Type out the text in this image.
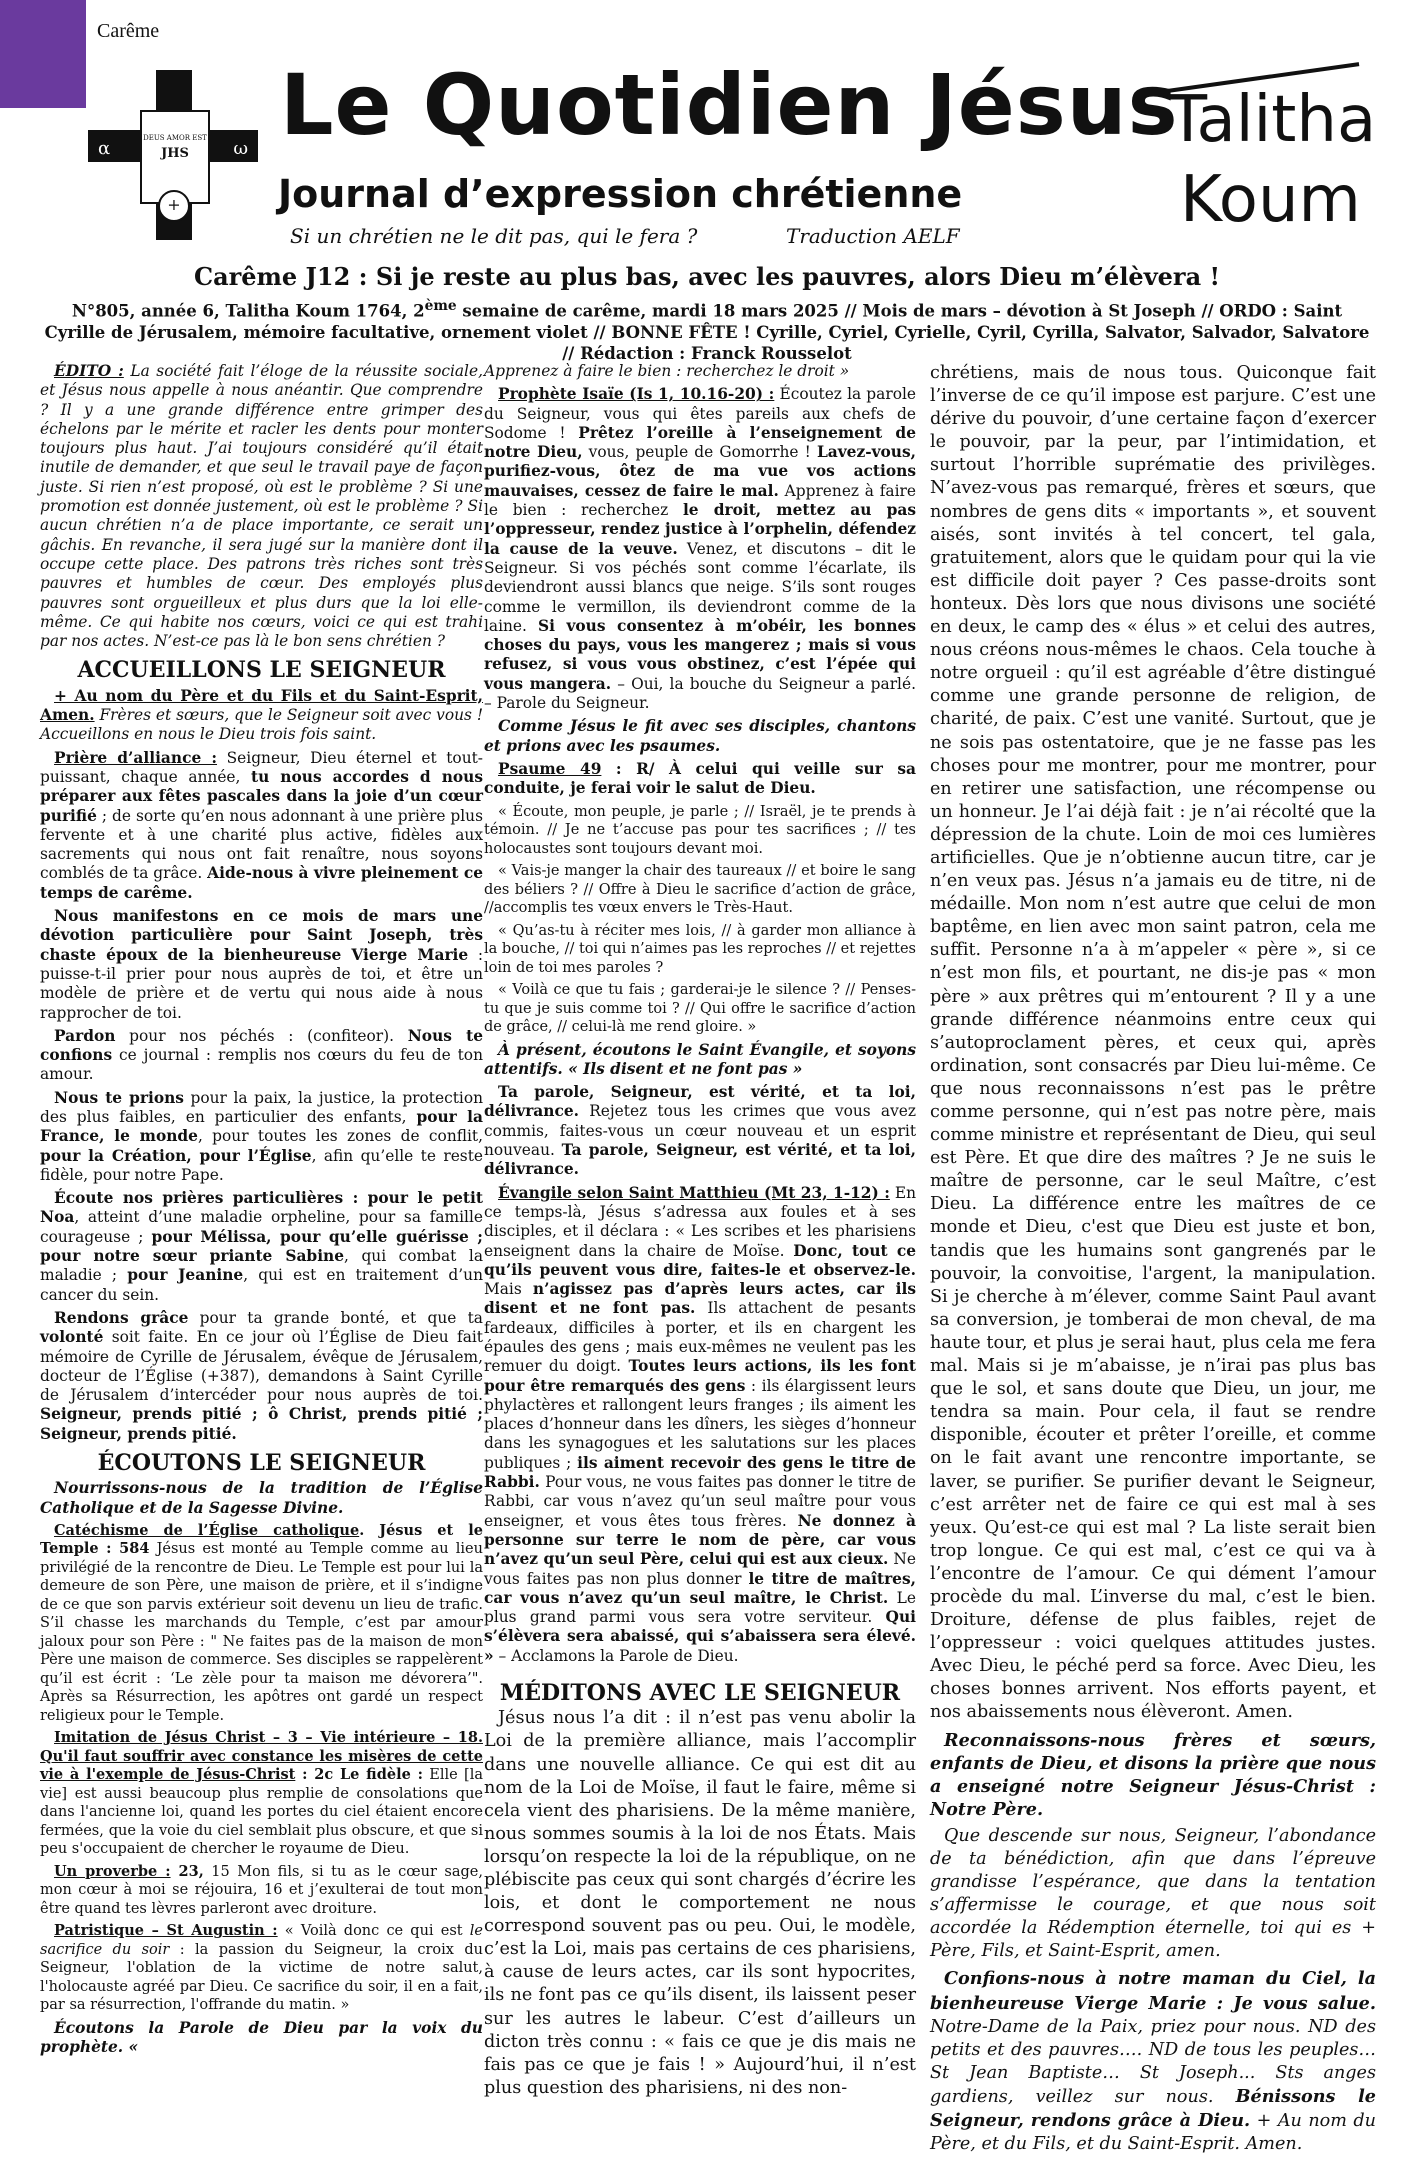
Carême
α	ω
DEUS AMOR EST
JHS
+
Le Quotidien Jésus
Journal d’expression chrétienne
Si un chrétien ne le dit pas, qui le fera ?	Traduction AELF
Talitha
Koum
Carême J12 : Si je reste au plus bas, avec les pauvres, alors Dieu m’élèvera !
N°805, année 6, Talitha Koum 1764, 2ème semaine de carême, mardi 18 mars 2025 // Mois de mars – dévotion à St Joseph // ORDO : Saint Cyrille de Jérusalem, mémoire facultative, ornement violet // BONNE FÊTE ! Cyrille, Cyriel, Cyrielle, Cyril, Cyrilla, Salvator, Salvador, Salvatore // Rédaction : Franck Rousselot

ÉDITO : La société fait l’éloge de la réussite sociale, et Jésus nous appelle à nous anéantir. Que comprendre ? Il y a une grande différence entre grimper des échelons par le mérite et racler les dents pour monter toujours plus haut. J’ai toujours considéré qu’il était inutile de demander, et que seul le travail paye de façon juste. Si rien n’est proposé, où est le problème ? Si une promotion est donnée justement, où est le problème ? Si aucun chrétien n’a de place importante, ce serait un gâchis. En revanche, il sera jugé sur la manière dont il occupe cette place. Des patrons très riches sont très pauvres et humbles de cœur. Des employés plus pauvres sont orgueilleux et plus durs que la loi elle-même. Ce qui habite nos cœurs, voici ce qui est trahi par nos actes. N’est-ce pas là le bon sens chrétien ?

ACCUEILLONS LE SEIGNEUR

+ Au nom du Père et du Fils et du Saint-Esprit, Amen. Frères et sœurs, que le Seigneur soit avec vous ! Accueillons en nous le Dieu trois fois saint.

Prière d’alliance : Seigneur, Dieu éternel et tout-puissant, chaque année, tu nous accordes d nous préparer aux fêtes pascales dans la joie d’un cœur purifié ; de sorte qu’en nous adonnant à une prière plus fervente et à une charité plus active, fidèles aux sacrements qui nous ont fait renaître, nous soyons comblés de ta grâce. Aide-nous à vivre pleinement ce temps de carême.

Nous manifestons en ce mois de mars une dévotion particulière pour Saint Joseph, très chaste époux de la bienheureuse Vierge Marie : puisse-t-il prier pour nous auprès de toi, et être un modèle de prière et de vertu qui nous aide à nous rapprocher de toi.

Pardon pour nos péchés : (confiteor). Nous te confions ce journal : remplis nos cœurs du feu de ton amour.

Nous te prions pour la paix, la justice, la protection des plus faibles, en particulier des enfants, pour la France, le monde, pour toutes les zones de conflit, pour la Création, pour l’Église, afin qu’elle te reste fidèle, pour notre Pape.

Écoute nos prières particulières : pour le petit Noa, atteint d’une maladie orpheline, pour sa famille courageuse ; pour Mélissa, pour qu’elle guérisse ; pour notre sœur priante Sabine, qui combat la maladie ; pour Jeanine, qui est en traitement d’un cancer du sein.

Rendons grâce pour ta grande bonté, et que ta volonté soit faite. En ce jour où l’Église de Dieu fait mémoire de Cyrille de Jérusalem, évêque de Jérusalem, docteur de l’Église (+387), demandons à Saint Cyrille de Jérusalem d’intercéder pour nous auprès de toi. Seigneur, prends pitié ; ô Christ, prends pitié ; Seigneur, prends pitié.

ÉCOUTONS LE SEIGNEUR

Nourrissons-nous de la tradition de l’Église Catholique et de la Sagesse Divine.

Catéchisme de l’Église catholique. Jésus et le Temple : 584 Jésus est monté au Temple comme au lieu privilégié de la rencontre de Dieu. Le Temple est pour lui la demeure de son Père, une maison de prière, et il s’indigne de ce que son parvis extérieur soit devenu un lieu de trafic. S’il chasse les marchands du Temple, c’est par amour jaloux pour son Père : " Ne faites pas de la maison de mon Père une maison de commerce. Ses disciples se rappelèrent qu’il est écrit : ‘Le zèle pour ta maison me dévorera’". Après sa Résurrection, les apôtres ont gardé un respect religieux pour le Temple.

Imitation de Jésus Christ – 3 – Vie intérieure – 18. Qu'il faut souffrir avec constance les misères de cette vie à l'exemple de Jésus-Christ : 2c Le fidèle : Elle [la vie] est aussi beaucoup plus remplie de consolations que dans l'ancienne loi, quand les portes du ciel étaient encore fermées, que la voie du ciel semblait plus obscure, et que si peu s'occupaient de chercher le royaume de Dieu.

Un proverbe : 23, 15 Mon fils, si tu as le cœur sage, mon cœur à moi se réjouira, 16 et j’exulterai de tout mon être quand tes lèvres parleront avec droiture.

Patristique – St Augustin : « Voilà donc ce qui est le sacrifice du soir : la passion du Seigneur, la croix du Seigneur, l'oblation de la victime de notre salut, l'holocauste agréé par Dieu. Ce sacrifice du soir, il en a fait, par sa résurrection, l'offrande du matin. »

Écoutons la Parole de Dieu par la voix du prophète. «

Apprenez à faire le bien : recherchez le droit »

Prophète Isaïe (Is 1, 10.16-20) : Écoutez la parole du Seigneur, vous qui êtes pareils aux chefs de Sodome ! Prêtez l’oreille à l’enseignement de notre Dieu, vous, peuple de Gomorrhe ! Lavez-vous, purifiez-vous, ôtez de ma vue vos actions mauvaises, cessez de faire le mal. Apprenez à faire le bien : recherchez le droit, mettez au pas l’oppresseur, rendez justice à l’orphelin, défendez la cause de la veuve. Venez, et discutons – dit le Seigneur. Si vos péchés sont comme l’écarlate, ils deviendront aussi blancs que neige. S’ils sont rouges comme le vermillon, ils deviendront comme de la laine. Si vous consentez à m’obéir, les bonnes choses du pays, vous les mangerez ; mais si vous refusez, si vous vous obstinez, c’est l’épée qui vous mangera. – Oui, la bouche du Seigneur a parlé. – Parole du Seigneur.

Comme Jésus le fit avec ses disciples, chantons et prions avec les psaumes.

Psaume 49 : R/ À celui qui veille sur sa conduite, je ferai voir le salut de Dieu.

« Écoute, mon peuple, je parle ; // Israël, je te prends à témoin. // Je ne t’accuse pas pour tes sacrifices ; // tes holocaustes sont toujours devant moi.

« Vais-je manger la chair des taureaux // et boire le sang des béliers ? // Offre à Dieu le sacrifice d’action de grâce, //accomplis tes vœux envers le Très-Haut.

« Qu’as-tu à réciter mes lois, // à garder mon alliance à la bouche, // toi qui n’aimes pas les reproches // et rejettes loin de toi mes paroles ?

« Voilà ce que tu fais ; garderai-je le silence ? // Penses-tu que je suis comme toi ? // Qui offre le sacrifice d’action de grâce, // celui-là me rend gloire. »

À présent, écoutons le Saint Évangile, et soyons attentifs. « Ils disent et ne font pas »

Ta parole, Seigneur, est vérité, et ta loi, délivrance. Rejetez tous les crimes que vous avez commis, faites-vous un cœur nouveau et un esprit nouveau. Ta parole, Seigneur, est vérité, et ta loi, délivrance.

Évangile selon Saint Matthieu (Mt 23, 1-12) : En ce temps-là, Jésus s’adressa aux foules et à ses disciples, et il déclara : « Les scribes et les pharisiens enseignent dans la chaire de Moïse. Donc, tout ce qu’ils peuvent vous dire, faites-le et observez-le. Mais n’agissez pas d’après leurs actes, car ils disent et ne font pas. Ils attachent de pesants fardeaux, difficiles à porter, et ils en chargent les épaules des gens ; mais eux-mêmes ne veulent pas les remuer du doigt. Toutes leurs actions, ils les font pour être remarqués des gens : ils élargissent leurs phylactères et rallongent leurs franges ; ils aiment les places d’honneur dans les dîners, les sièges d’honneur dans les synagogues et les salutations sur les places publiques ; ils aiment recevoir des gens le titre de Rabbi. Pour vous, ne vous faites pas donner le titre de Rabbi, car vous n’avez qu’un seul maître pour vous enseigner, et vous êtes tous frères. Ne donnez à personne sur terre le nom de père, car vous n’avez qu’un seul Père, celui qui est aux cieux. Ne vous faites pas non plus donner le titre de maîtres, car vous n’avez qu’un seul maître, le Christ. Le plus grand parmi vous sera votre serviteur. Qui s’élèvera sera abaissé, qui s’abaissera sera élevé. » – Acclamons la Parole de Dieu.

MÉDITONS AVEC LE SEIGNEUR

Jésus nous l’a dit : il n’est pas venu abolir la Loi de la première alliance, mais l’accomplir dans une nouvelle alliance. Ce qui est dit au nom de la Loi de Moïse, il faut le faire, même si cela vient des pharisiens. De la même manière, nous sommes soumis à la loi de nos États. Mais lorsqu’on respecte la loi de la république, on ne plébiscite pas ceux qui sont chargés d’écrire les lois, et dont le comportement ne nous correspond souvent pas ou peu. Oui, le modèle, c’est la Loi, mais pas certains de ces pharisiens, à cause de leurs actes, car ils sont hypocrites, ils ne font pas ce qu’ils disent, ils laissent peser sur les autres le labeur. C’est d’ailleurs un dicton très connu : « fais ce que je dis mais ne fais pas ce que je fais ! » Aujourd’hui, il n’est plus question des pharisiens, ni des non-

chrétiens, mais de nous tous. Quiconque fait l’inverse de ce qu’il impose est parjure. C’est une dérive du pouvoir, d’une certaine façon d’exercer le pouvoir, par la peur, par l’intimidation, et surtout l’horrible suprématie des privilèges. N’avez-vous pas remarqué, frères et sœurs, que nombres de gens dits « importants », et souvent aisés, sont invités à tel concert, tel gala, gratuitement, alors que le quidam pour qui la vie est difficile doit payer ? Ces passe-droits sont honteux. Dès lors que nous divisons une société en deux, le camp des « élus » et celui des autres, nous créons nous-mêmes le chaos. Cela touche à notre orgueil : qu’il est agréable d’être distingué comme une grande personne de religion, de charité, de paix. C’est une vanité. Surtout, que je ne sois pas ostentatoire, que je ne fasse pas les choses pour me montrer, pour me montrer, pour en retirer une satisfaction, une récompense ou un honneur. Je l’ai déjà fait : je n’ai récolté que la dépression de la chute. Loin de moi ces lumières artificielles. Que je n’obtienne aucun titre, car je n’en veux pas. Jésus n’a jamais eu de titre, ni de médaille. Mon nom n’est autre que celui de mon baptême, en lien avec mon saint patron, cela me suffit. Personne n’a à m’appeler « père », si ce n’est mon fils, et pourtant, ne dis-je pas « mon père » aux prêtres qui m’entourent ? Il y a une grande différence néanmoins entre ceux qui s’autoproclament pères, et ceux qui, après ordination, sont consacrés par Dieu lui-même. Ce que nous reconnaissons n’est pas le prêtre comme personne, qui n’est pas notre père, mais comme ministre et représentant de Dieu, qui seul est Père. Et que dire des maîtres ? Je ne suis le maître de personne, car le seul Maître, c’est Dieu. La différence entre les maîtres de ce monde et Dieu, c'est que Dieu est juste et bon, tandis que les humains sont gangrenés par le pouvoir, la convoitise, l'argent, la manipulation. Si je cherche à m’élever, comme Saint Paul avant sa conversion, je tomberai de mon cheval, de ma haute tour, et plus je serai haut, plus cela me fera mal. Mais si je m’abaisse, je n’irai pas plus bas que le sol, et sans doute que Dieu, un jour, me tendra sa main. Pour cela, il faut se rendre disponible, écouter et prêter l’oreille, et comme on le fait avant une rencontre importante, se laver, se purifier. Se purifier devant le Seigneur, c’est arrêter net de faire ce qui est mal à ses yeux. Qu’est-ce qui est mal ? La liste serait bien trop longue. Ce qui est mal, c’est ce qui va à l’encontre de l’amour. Ce qui dément l’amour procède du mal. L’inverse du mal, c’est le bien. Droiture, défense de plus faibles, rejet de l’oppresseur : voici quelques attitudes justes. Avec Dieu, le péché perd sa force. Avec Dieu, les choses bonnes arrivent. Nos efforts payent, et nos abaissements nous élèveront. Amen.

Reconnaissons-nous frères et sœurs, enfants de Dieu, et disons la prière que nous a enseigné notre Seigneur Jésus-Christ : Notre Père.

Que descende sur nous, Seigneur, l’abondance de ta bénédiction, afin que dans l’épreuve grandisse l’espérance, que dans la tentation s’affermisse le courage, et que nous soit accordée la Rédemption éternelle, toi qui es + Père, Fils, et Saint-Esprit, amen.

Confions-nous à notre maman du Ciel, la bienheureuse Vierge Marie : Je vous salue. Notre-Dame de la Paix, priez pour nous. ND des petits et des pauvres…. ND de tous les peuples… St Jean Baptiste… St Joseph... Sts anges gardiens, veillez sur nous. Bénissons le Seigneur, rendons grâce à Dieu. + Au nom du Père, et du Fils, et du Saint-Esprit. Amen.
